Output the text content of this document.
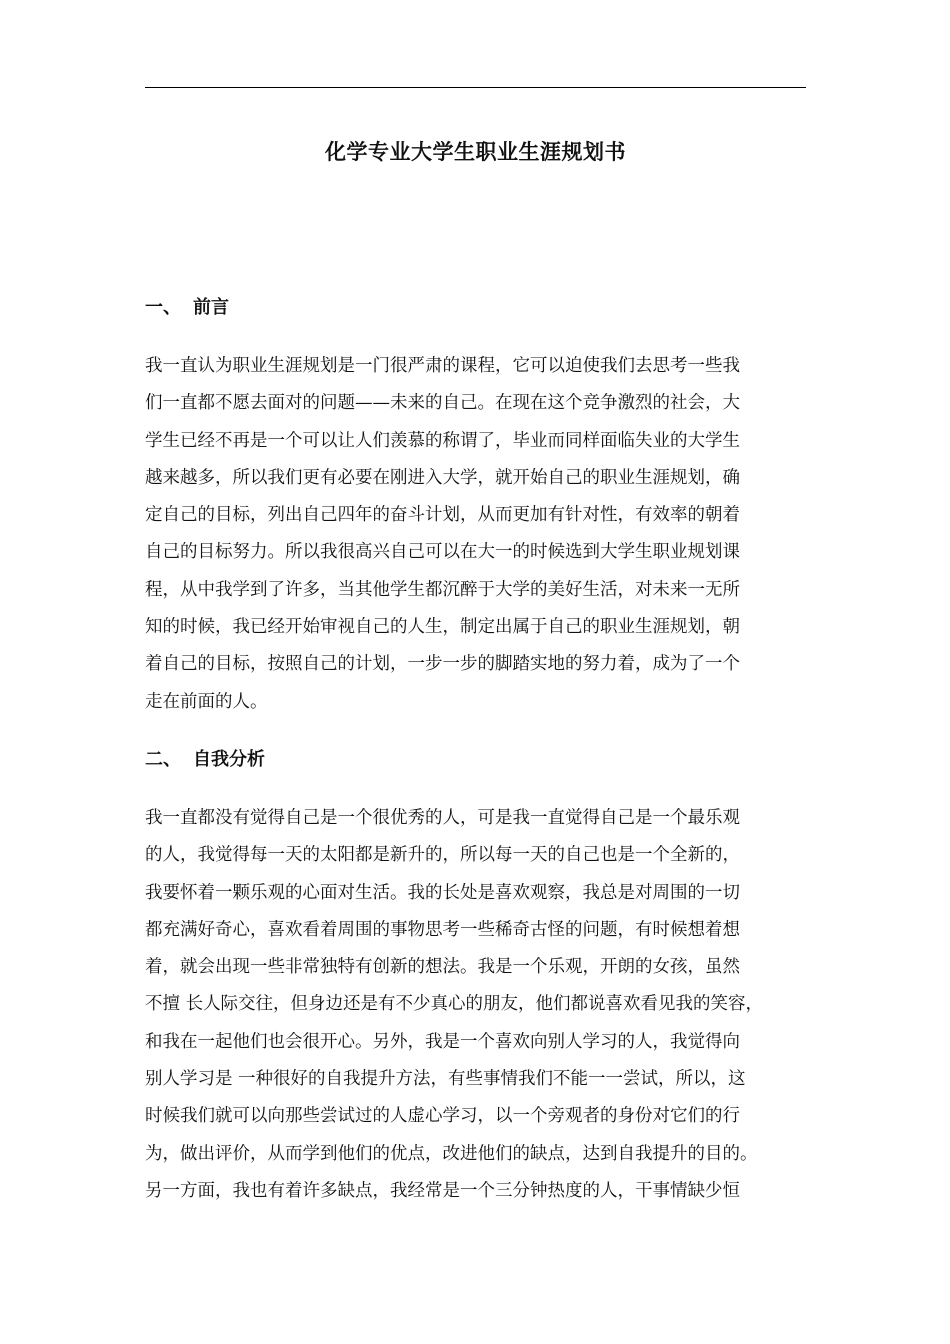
化学专业大学生职业生涯规划书
一、 前言
我一直认为职业生涯规划是一门很严肃的课程，它可以迫使我们去思考一些我
们一直都不愿去面对的问题——未来的自己。在现在这个竞争激烈的社会，大
学生已经不再是一个可以让人们羡慕的称谓了，毕业而同样面临失业的大学生
越来越多，所以我们更有必要在刚进入大学，就开始自己的职业生涯规划，确
定自己的目标，列出自己四年的奋斗计划，从而更加有针对性，有效率的朝着
自己的目标努力。所以我很高兴自己可以在大一的时候选到大学生职业规划课
程，从中我学到了许多，当其他学生都沉醉于大学的美好生活，对未来一无所
知的时候，我已经开始审视自己的人生，制定出属于自己的职业生涯规划，朝
着自己的目标，按照自己的计划，一步一步的脚踏实地的努力着，成为了一个
走在前面的人。
二、 自我分析
我一直都没有觉得自己是一个很优秀的人，可是我一直觉得自己是一个最乐观
的人，我觉得每一天的太阳都是新升的，所以每一天的自己也是一个全新的，
我要怀着一颗乐观的心面对生活。我的长处是喜欢观察，我总是对周围的一切
都充满好奇心，喜欢看着周围的事物思考一些稀奇古怪的问题，有时候想着想
着，就会出现一些非常独特有创新的想法。我是一个乐观，开朗的女孩，虽然
不擅 长人际交往，但身边还是有不少真心的朋友，他们都说喜欢看见我的笑容，
和我在一起他们也会很开心。另外，我是一个喜欢向别人学习的人，我觉得向
别人学习是 一种很好的自我提升方法，有些事情我们不能一一尝试，所以，这
时候我们就可以向那些尝试过的人虚心学习，以一个旁观者的身份对它们的行
为，做出评价，从而学到他们的优点，改进他们的缺点，达到自我提升的目的。
另一方面，我也有着许多缺点，我经常是一个三分钟热度的人，干事情缺少恒
